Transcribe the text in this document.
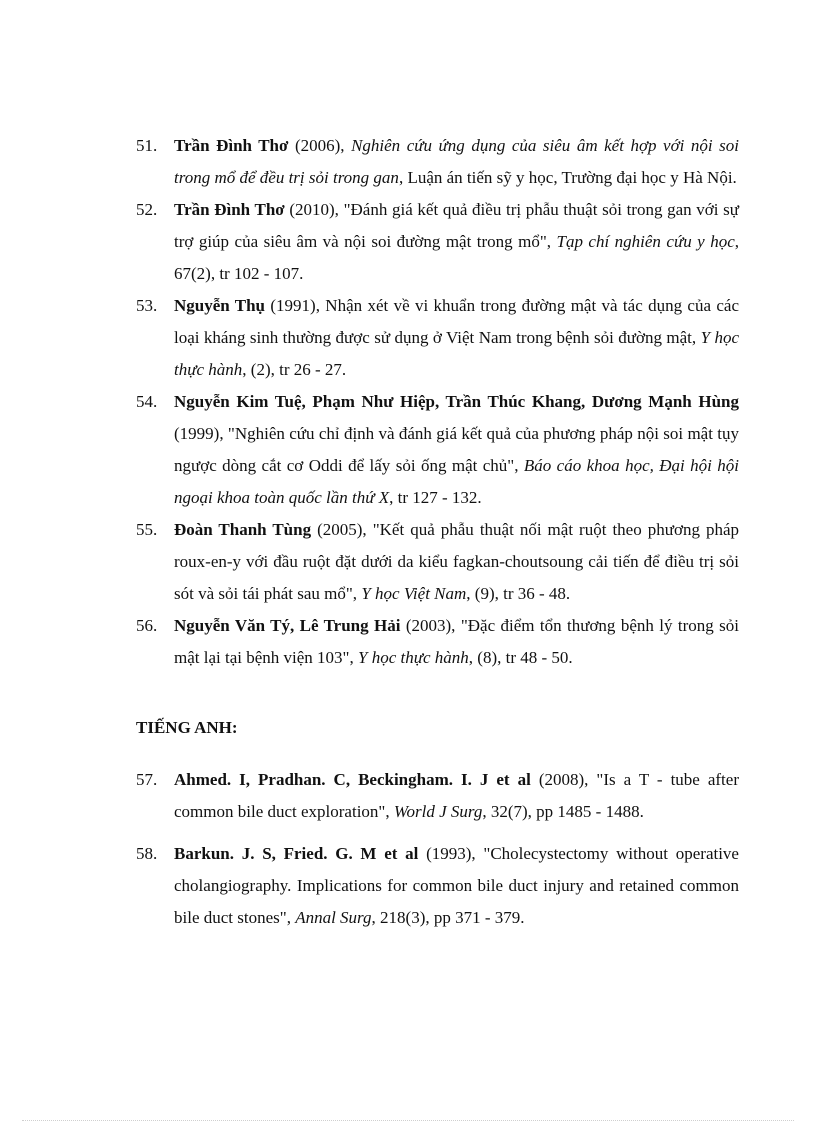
51. Trần Đình Thơ (2006), Nghiên cứu ứng dụng của siêu âm kết hợp với nội soi trong mổ để đều trị sỏi trong gan, Luận án tiến sỹ y học, Trường đại học y Hà Nội.
52. Trần Đình Thơ (2010), "Đánh giá kết quả điều trị phẫu thuật sỏi trong gan với sự trợ giúp của siêu âm và nội soi đường mật trong mổ", Tạp chí nghiên cứu y học, 67(2), tr 102 - 107.
53. Nguyễn Thụ (1991), Nhận xét về vi khuẩn trong đường mật và tác dụng của các loại kháng sinh thường được sử dụng ở Việt Nam trong bệnh sỏi đường mật, Y học thực hành, (2), tr 26 - 27.
54. Nguyễn Kim Tuệ, Phạm Như Hiệp, Trần Thúc Khang, Dương Mạnh Hùng (1999), "Nghiên cứu chỉ định và đánh giá kết quả của phương pháp nội soi mật tụy ngược dòng cắt cơ Oddi để lấy sỏi ống mật chủ", Báo cáo khoa học, Đại hội hội ngoại khoa toàn quốc lần thứ X, tr 127 - 132.
55. Đoàn Thanh Tùng (2005), "Kết quả phẫu thuật nối mật ruột theo phương pháp roux-en-y với đầu ruột đặt dưới da kiểu fagkan-choutsoung cải tiến để điều trị sỏi sót và sỏi tái phát sau mổ", Y học Việt Nam, (9), tr 36 - 48.
56. Nguyễn Văn Tý, Lê Trung Hải (2003), "Đặc điểm tổn thương bệnh lý trong sỏi mật lại tại bệnh viện 103", Y học thực hành, (8), tr 48 - 50.
TIẾNG ANH:
57. Ahmed. I, Pradhan. C, Beckingham. I. J et al (2008), "Is a T - tube after common bile duct exploration", World J Surg, 32(7), pp 1485 - 1488.
58. Barkun. J. S, Fried. G. M et al (1993), "Cholecystectomy without operative cholangiography. Implications for common bile duct injury and retained common bile duct stones", Annal Surg, 218(3), pp 371 - 379.
